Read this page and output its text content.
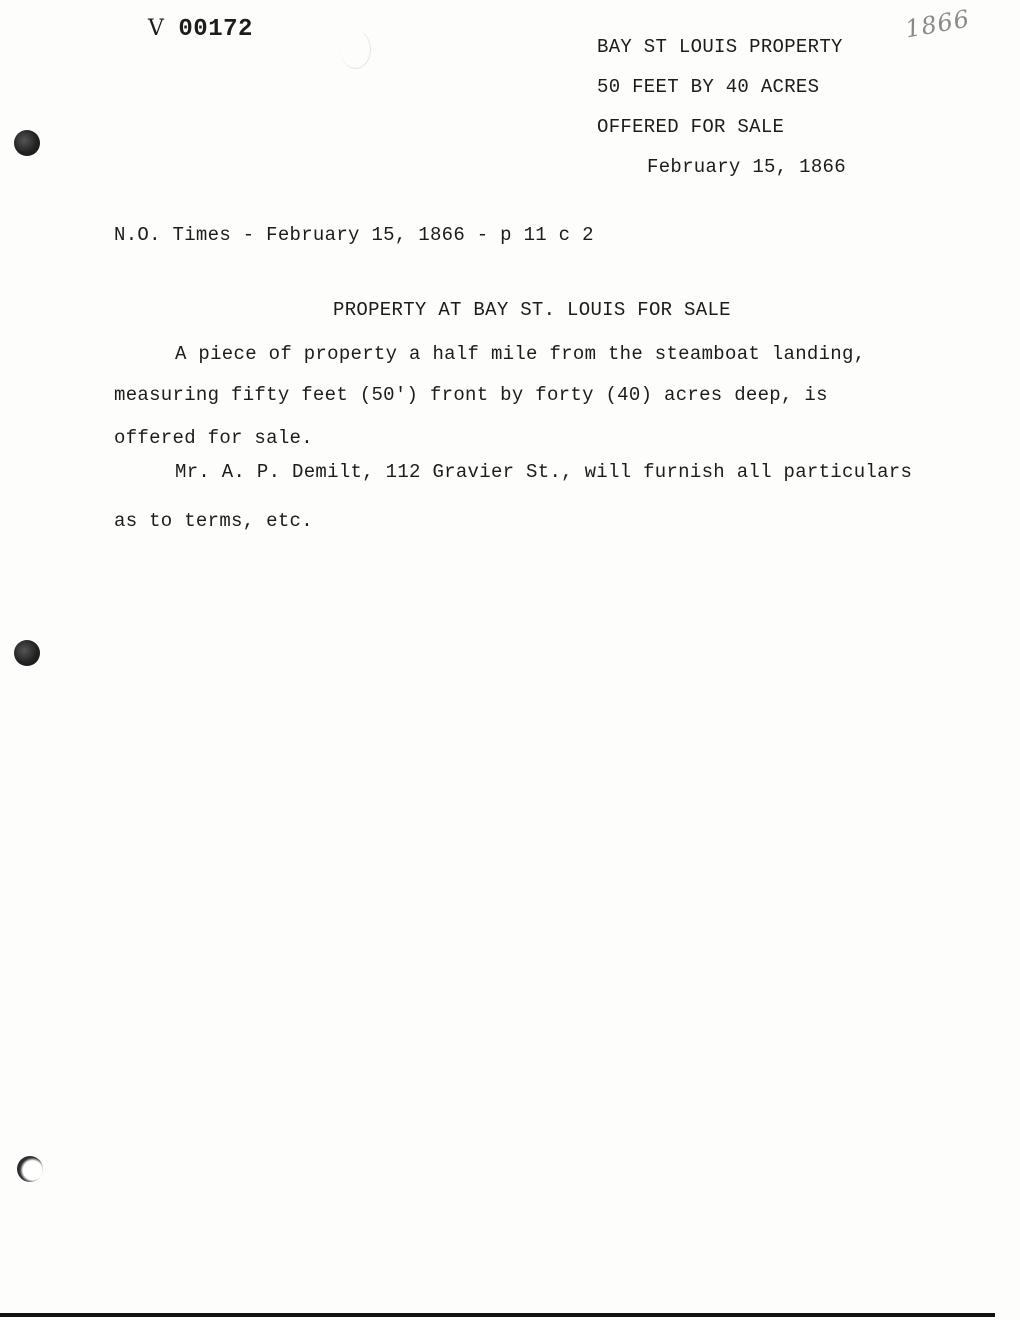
V 00172	1866
BAY ST LOUIS PROPERTY
50 FEET BY 40 ACRES
OFFERED FOR SALE
February 15, 1866
N.O. Times - February 15, 1866 - p 11 c 2
PROPERTY AT BAY ST. LOUIS FOR SALE
A piece of property a half mile from the steamboat landing,
measuring fifty feet (50') front by forty (40) acres deep, is
offered for sale.
Mr. A. P. Demilt, 112 Gravier St., will furnish all particulars
as to terms, etc.
